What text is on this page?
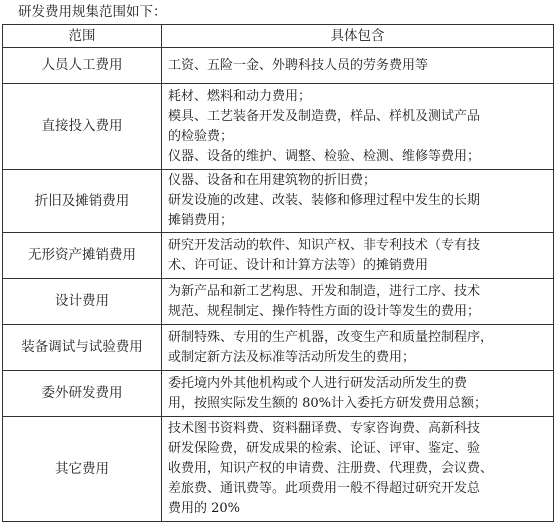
研发费用规集范围如下：
范围	具体包含
人员人工费用	工资、五险一金、外聘科技人员的劳务费用等

直接投入费用	耗材、燃料和动力费用；
模具、工艺装备开发及制造费，样品、样机及测试产品
的检验费；
仪器、设备的维护、调整、检验、检测、维修等费用；

折旧及摊销费用	仪器、设备和在用建筑物的折旧费；
研发设施的改建、改装、装修和修理过程中发生的长期
摊销费用；

无形资产摊销费用	研究开发活动的软件、知识产权、非专利技术（专有技
术、许可证、设计和计算方法等）的摊销费用

设计费用	为新产品和新工艺构思、开发和制造，进行工序、技术
规范、规程制定、操作特性方面的设计等发生的费用；

装备调试与试验费用	研制特殊、专用的生产机器，改变生产和质量控制程序，
或制定新方法及标准等活动所发生的费用；

委外研发费用	委托境内外其他机构或个人进行研发活动所发生的费
用，按照实际发生额的 80%计入委托方研发费用总额；

其它费用	技术图书资料费、资料翻译费、专家咨询费、高新科技
研发保险费，研发成果的检索、论证、评审、鉴定、验
收费用，知识产权的申请费、注册费、代理费，会议费、
差旅费、通讯费等。此项费用一般不得超过研究开发总
费用的 20%
